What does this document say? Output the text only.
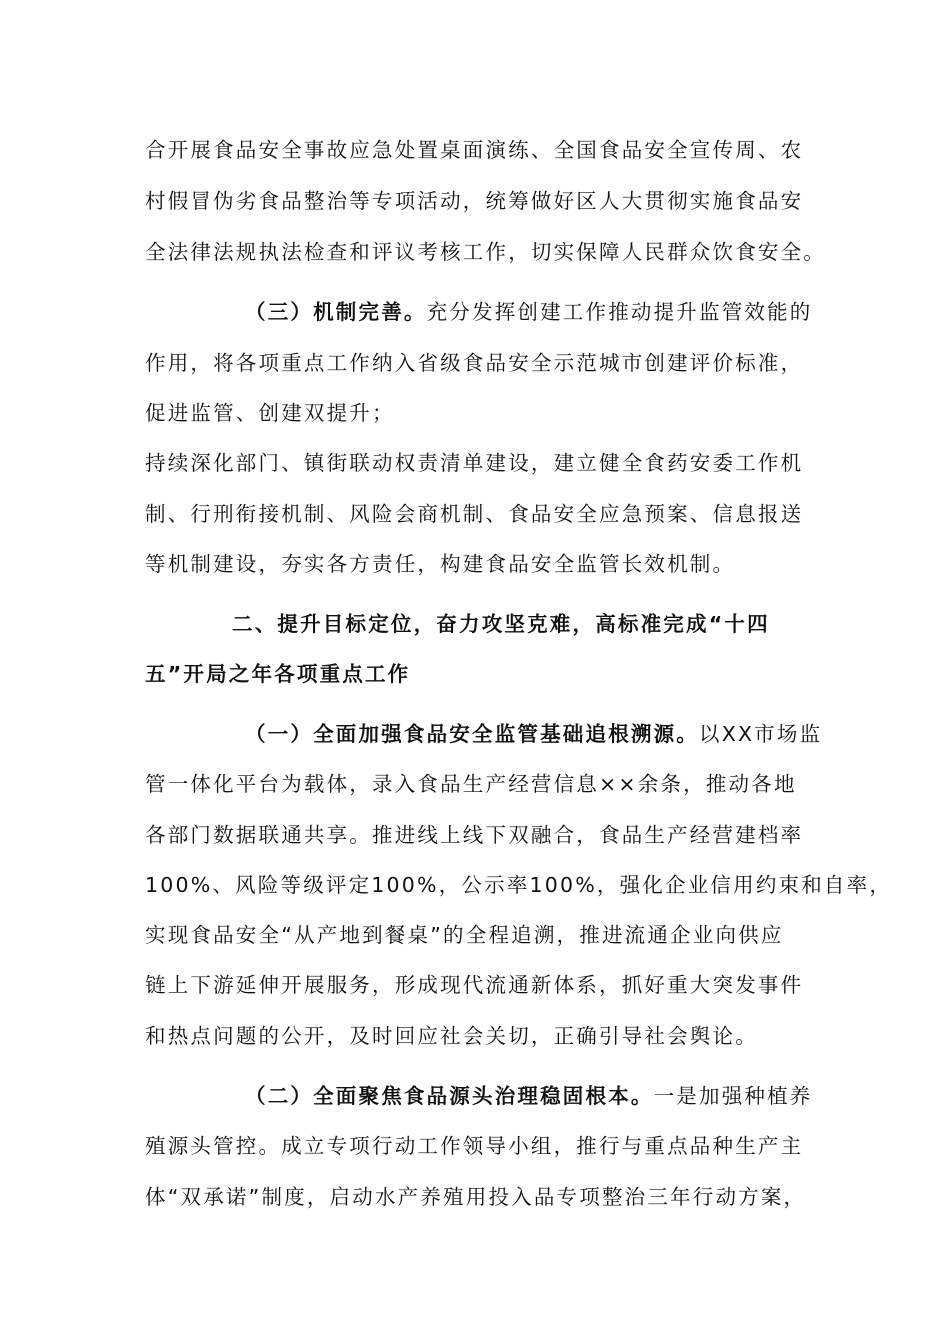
合开展食品安全事故应急处置桌面演练、全国食品安全宣传周、农
村假冒伪劣食品整治等专项活动，统筹做好区人大贯彻实施食品安
全法律法规执法检查和评议考核工作，切实保障人民群众饮食安全。
（三）机制完善。充分发挥创建工作推动提升监管效能的
作用，将各项重点工作纳入省级食品安全示范城市创建评价标准，
促进监管、创建双提升；
持续深化部门、镇街联动权责清单建设，建立健全食药安委工作机
制、行刑衔接机制、风险会商机制、食品安全应急预案、信息报送
等机制建设，夯实各方责任，构建食品安全监管长效机制。
二、提升目标定位，奋力攻坚克难，高标准完成“十四
五”开局之年各项重点工作
（一）全面加强食品安全监管基础追根溯源。以XX市场监
管一体化平台为载体，录入食品生产经营信息××余条，推动各地
各部门数据联通共享。推进线上线下双融合，食品生产经营建档率
100%、风险等级评定100%，公示率100%，强化企业信用约束和自率，
实现食品安全“从产地到餐桌”的全程追溯，推进流通企业向供应
链上下游延伸开展服务，形成现代流通新体系，抓好重大突发事件
和热点问题的公开，及时回应社会关切，正确引导社会舆论。
（二）全面聚焦食品源头治理稳固根本。一是加强种植养
殖源头管控。成立专项行动工作领导小组，推行与重点品种生产主
体“双承诺”制度，启动水产养殖用投入品专项整治三年行动方案，
